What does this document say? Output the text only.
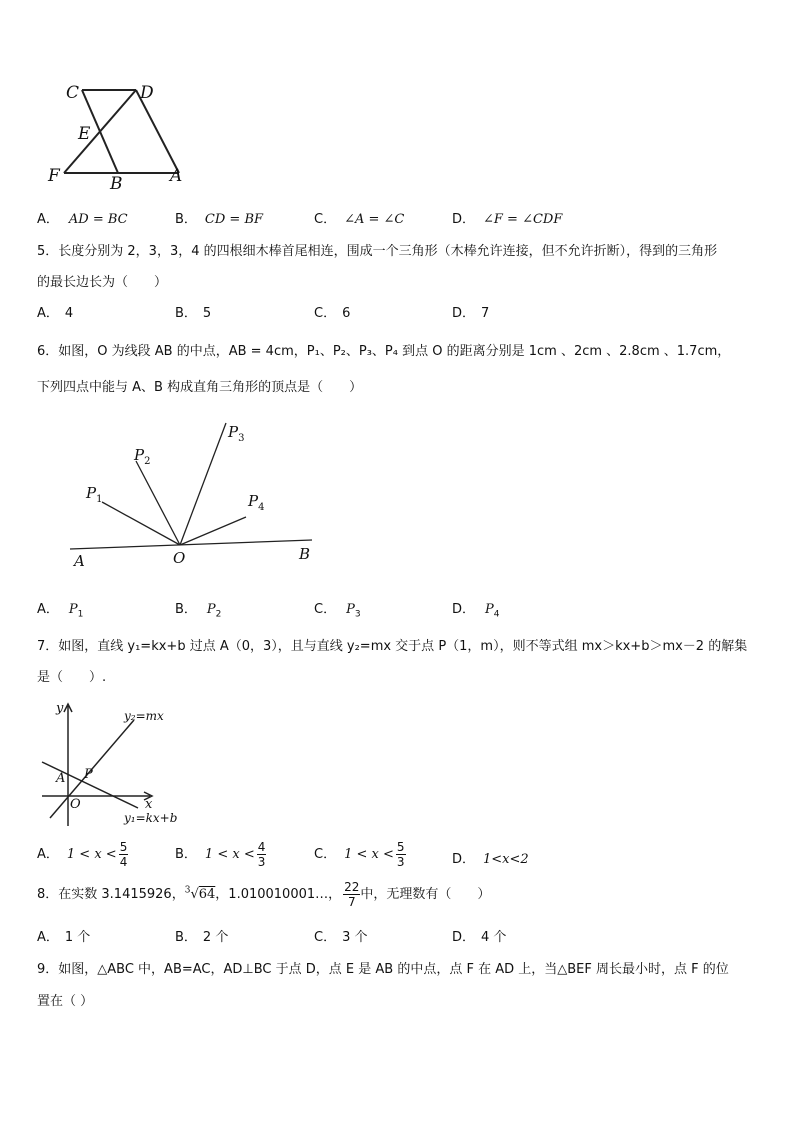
C	D
E
F	B	A
A． AD = BC	B． CD = BF	C． ∠A = ∠C	D． ∠F = ∠CDF
5．长度分别为 2，3，3，4 的四根细木棒首尾相连，围成一个三角形（木棒允许连接，但不允许折断），得到的三角形
的最长边长为（　　）
A． 4	B． 5	C． 6	D． 7
6．如图，O 为线段 AB 的中点，AB = 4cm，P₁、P₂、P₃、P₄ 到点 O 的距离分别是 1cm 、2cm 、2.8cm 、1.7cm，
下列四点中能与 A、B 构成直角三角形的顶点是（　　）
A	O	B
$P_1$
$P_2$
$P_3$
$P_4$
A． $P_1$	B． $P_2$	C． $P_3$	D． $P_4$
7．如图，直线 y₁=kx+b 过点 A（0，3），且与直线 y₂=mx 交于点 P（1，m），则不等式组 mx＞kx+b＞mx－2 的解集
是（　　）.
y
x
A P
O
y₂=mx
y₁=kx+b
A． $1 < x < \frac{5}{4}$	B． $1 < x < \frac{4}{3}$	C． $1 < x < \frac{5}{3}$	D． 1<x<2
8．在实数 3.1415926，$^3$√64，1.010010001…， $\frac{22}{7}$ 中，无理数有（　　）
A． 1 个	B． 2 个	C． 3 个	D． 4 个
9．如图，△ABC 中，AB=AC，AD⊥BC 于点 D，点 E 是 AB 的中点，点 F 在 AD 上，当△BEF 周长最小时，点 F 的位
置在（ ）
